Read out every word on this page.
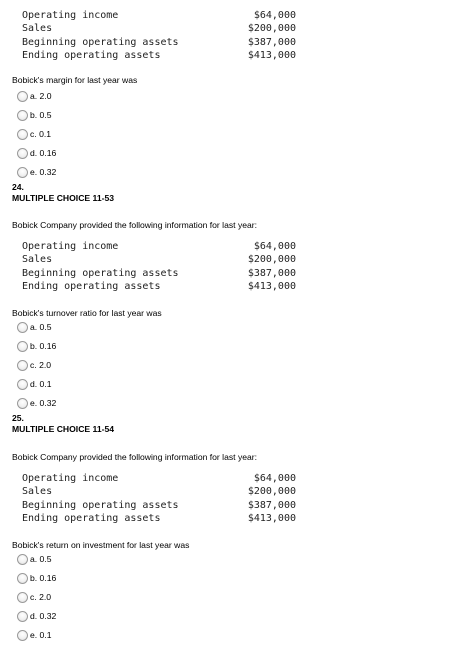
Operating income	$64,000
Sales	$200,000
Beginning operating assets	$387,000
Ending operating assets	$413,000
Bobick's margin for last year was
a. 2.0
b. 0.5
c. 0.1
d. 0.16
e. 0.32
24.
MULTIPLE CHOICE 11-53
Bobick Company provided the following information for last year:
Operating income	$64,000
Sales	$200,000
Beginning operating assets	$387,000
Ending operating assets	$413,000
Bobick's turnover ratio for last year was
a. 0.5
b. 0.16
c. 2.0
d. 0.1
e. 0.32
25.
MULTIPLE CHOICE 11-54
Bobick Company provided the following information for last year:
Operating income	$64,000
Sales	$200,000
Beginning operating assets	$387,000
Ending operating assets	$413,000
Bobick's return on investment for last year was
a. 0.5
b. 0.16
c. 2.0
d. 0.32
e. 0.1
